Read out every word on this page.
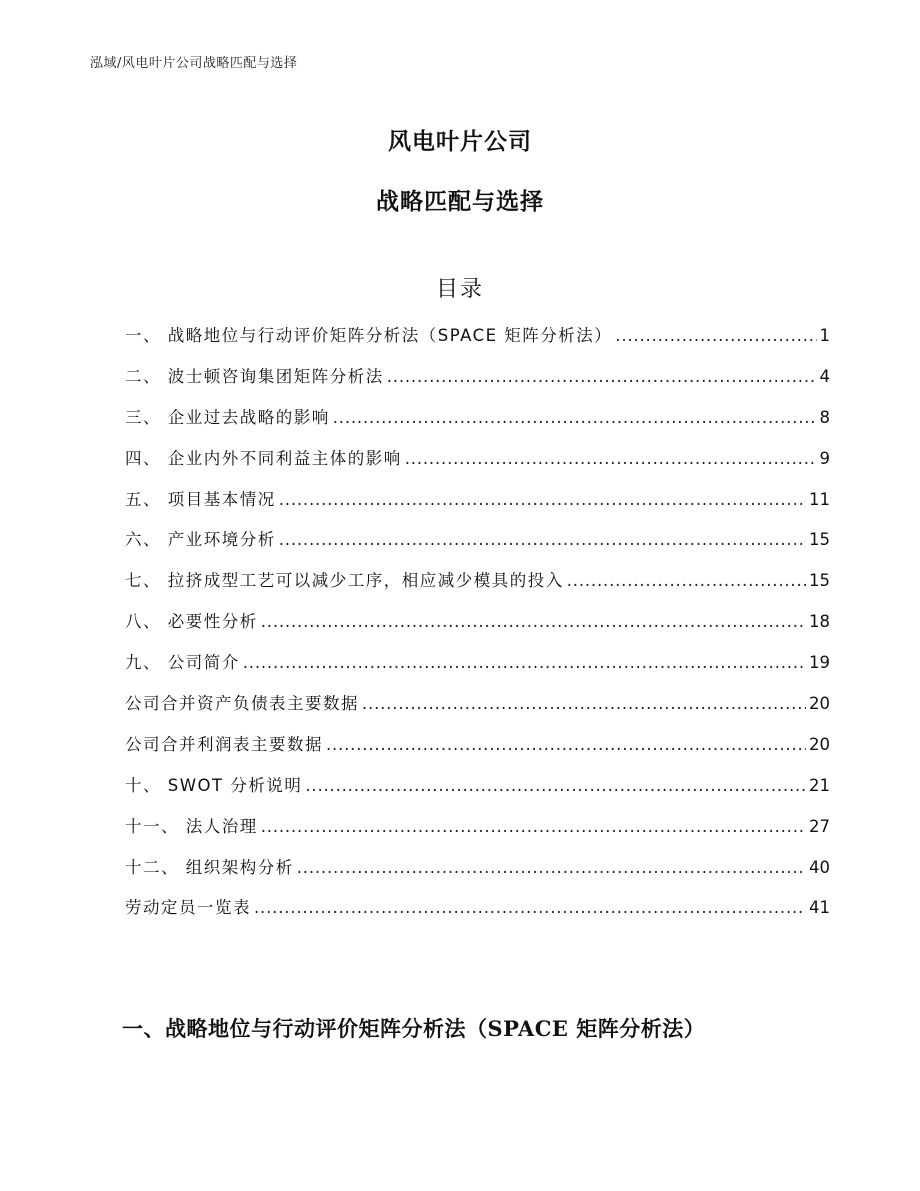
泓域/风电叶片公司战略匹配与选择
风电叶片公司
战略匹配与选择
目录
一、 战略地位与行动评价矩阵分析法（SPACE 矩阵分析法） .....	1
二、 波士顿咨询集团矩阵分析法 .....	4
三、 企业过去战略的影响 .....	8
四、 企业内外不同利益主体的影响 .....	9
五、 项目基本情况 .....	11
六、 产业环境分析 .....	15
七、 拉挤成型工艺可以减少工序，相应减少模具的投入 .....	15
八、 必要性分析 .....	18
九、 公司简介 .....	19
公司合并资产负债表主要数据 .....	20
公司合并利润表主要数据 .....	20
十、 SWOT 分析说明 .....	21
十一、 法人治理 .....	27
十二、 组织架构分析 .....	40
劳动定员一览表 .....	41
一、战略地位与行动评价矩阵分析法（SPACE 矩阵分析法）
